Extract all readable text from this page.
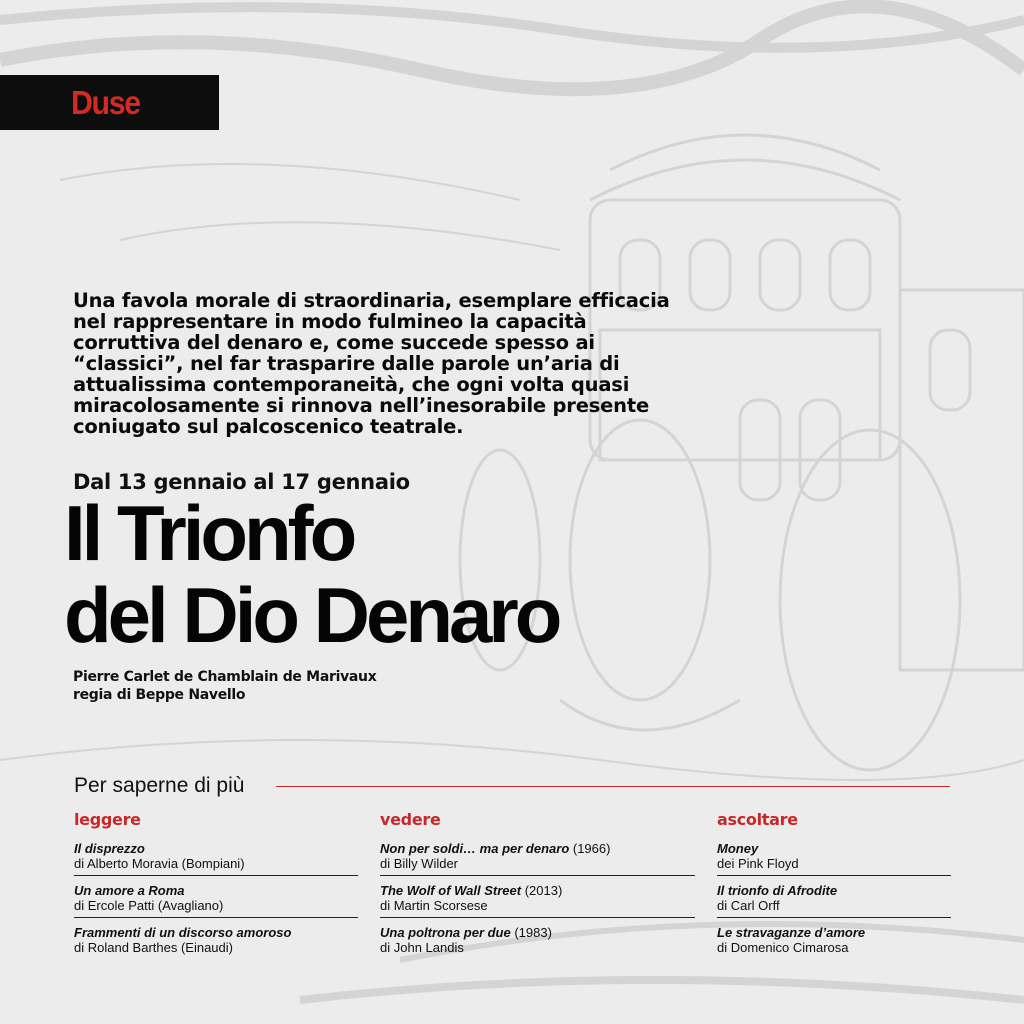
Duse
Una favola morale di straordinaria, esemplare efficacia
nel rappresentare in modo fulmineo la capacità
corruttiva del denaro e, come succede spesso ai
“classici”, nel far trasparire dalle parole un’aria di
attualissima contemporaneità, che ogni volta quasi
miracolosamente si rinnova nell’inesorabile presente
coniugato sul palcoscenico teatrale.
Dal 13 gennaio al 17 gennaio
Il Trionfo
del Dio Denaro
Pierre Carlet de Chamblain de Marivaux
regia di Beppe Navello
Per saperne di più
leggere
Il disprezzo
di Alberto Moravia (Bompiani)
Un amore a Roma
di Ercole Patti (Avagliano)
Frammenti di un discorso amoroso
di Roland Barthes (Einaudi)
vedere
Non per soldi… ma per denaro (1966)
di Billy Wilder
The Wolf of Wall Street (2013)
di Martin Scorsese
Una poltrona per due (1983)
di John Landis
ascoltare
Money
dei Pink Floyd
Il trionfo di Afrodite
di Carl Orff
Le stravaganze d’amore
di Domenico Cimarosa
